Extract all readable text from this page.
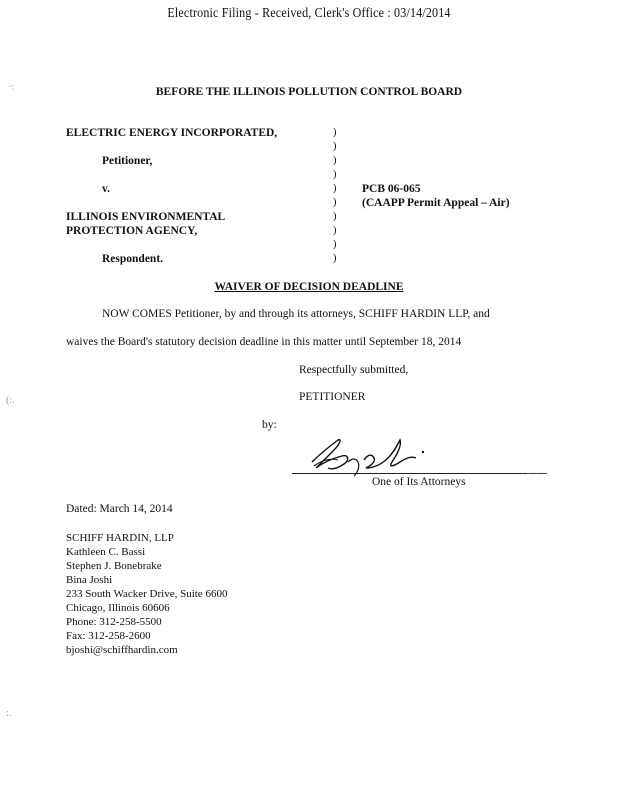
Electronic Filing - Received, Clerk's Office : 03/14/2014
·:
(:.
:.
BEFORE THE ILLINOIS POLLUTION CONTROL BOARD
ELECTRIC ENERGY INCORPORATED,
Petitioner,
v.
ILLINOIS ENVIRONMENTAL
PROTECTION AGENCY,
Respondent.
)
)
)
)
)
)
)
)
)
)
PCB 06-065
(CAAPP Permit Appeal – Air)
WAIVER OF DECISION DEADLINE
NOW COMES Petitioner, by and through its attorneys, SCHIFF HARDIN LLP, and
waives the Board's statutory decision deadline in this matter until September 18, 2014
Respectfully submitted,
PETITIONER
by:
One of Its Attorneys
Dated: March 14, 2014
SCHIFF HARDIN, LLP
Kathleen C. Bassi
Stephen J. Bonebrake
Bina Joshi
233 South Wacker Drive, Suite 6600
Chicago, Illinois 60606
Phone: 312-258-5500
Fax: 312-258-2600
bjoshi@schiffhardin.com
